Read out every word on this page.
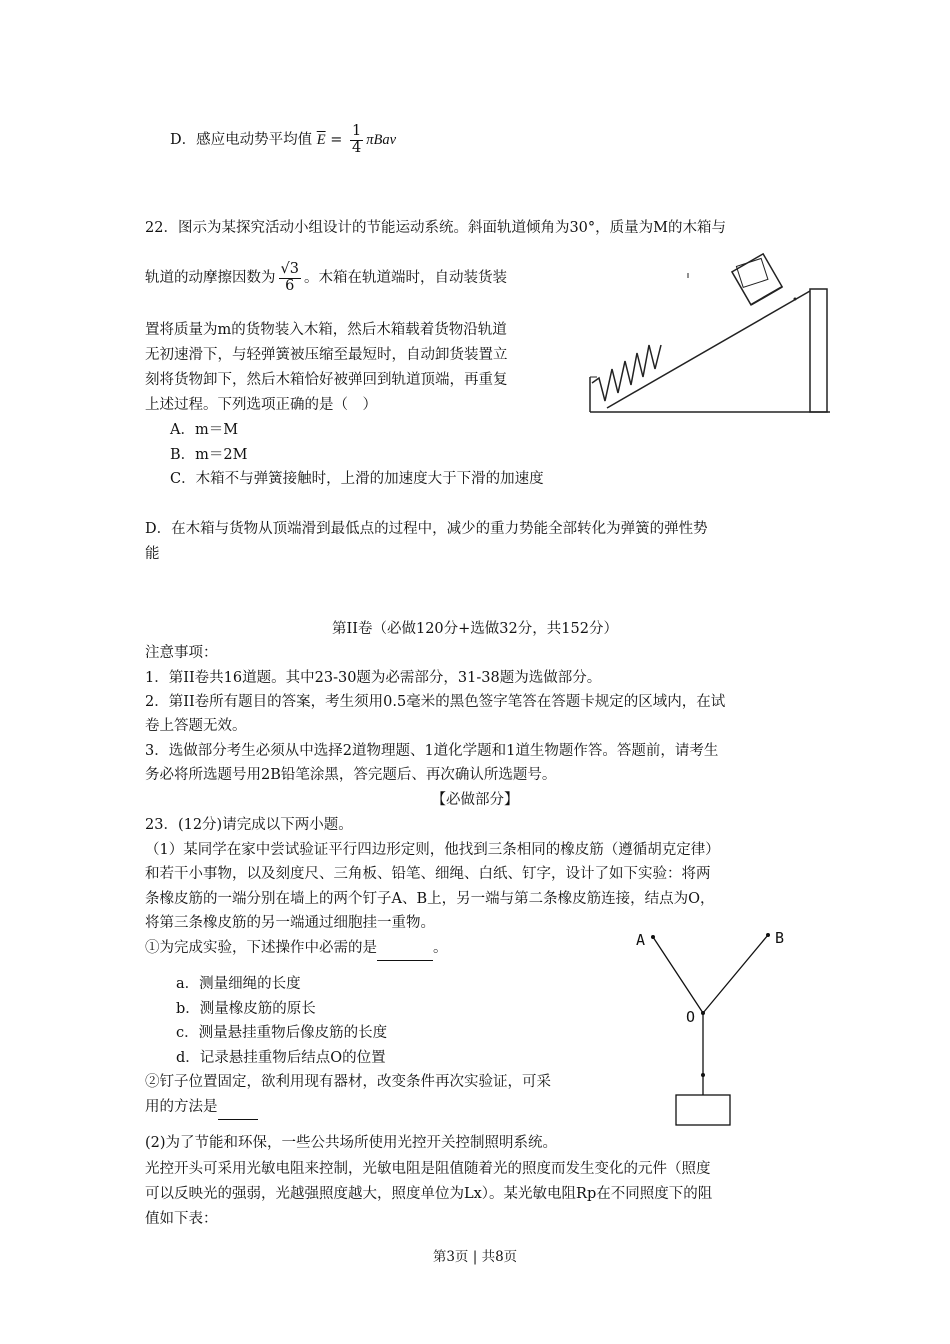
D．感应电动势平均值 $\overline{E} = \frac{1}{4}$ πBav
22．图示为某探究活动小组设计的节能运动系统。斜面轨道倾角为30°，质量为M的木箱与
轨道的动摩擦因数为 $\frac{√3}{6}$ 。木箱在轨道端时，自动装货装
置将质量为m的货物装入木箱，然后木箱载着货物沿轨道
无初速滑下，与轻弹簧被压缩至最短时，自动卸货装置立
刻将货物卸下，然后木箱恰好被弹回到轨道顶端，再重复
上述过程。下列选项正确的是（　）
A．m＝M
B．m＝2M
C．木箱不与弹簧接触时，上滑的加速度大于下滑的加速度
D．在木箱与货物从顶端滑到最低点的过程中，减少的重力势能全部转化为弹簧的弹性势
能
第II卷（必做120分+选做32分，共152分）
注意事项：
1．第II卷共16道题。其中23-30题为必需部分，31-38题为选做部分。
2．第II卷所有题目的答案，考生须用0.5毫米的黑色签字笔答在答题卡规定的区域内，在试
卷上答题无效。
3．选做部分考生必须从中选择2道物理题、1道化学题和1道生物题作答。答题前，请考生
务必将所选题号用2B铅笔涂黑，答完题后、再次确认所选题号。
【必做部分】
23．(12分)请完成以下两小题。
（1）某同学在家中尝试验证平行四边形定则，他找到三条相同的橡皮筋（遵循胡克定律）
和若干小事物，以及刻度尺、三角板、铅笔、细绳、白纸、钉字，设计了如下实验：将两
条橡皮筋的一端分别在墙上的两个钉子A、B上，另一端与第二条橡皮筋连接，结点为O，
将第三条橡皮筋的另一端通过细胞挂一重物。
①为完成实验，下述操作中必需的是	。
a．测量细绳的长度
b．测量橡皮筋的原长
c．测量悬挂重物后像皮筋的长度
d．记录悬挂重物后结点O的位置
②钉子位置固定，欲利用现有器材，改变条件再次实验证，可采
用的方法是
A	B
O
(2)为了节能和环保，一些公共场所使用光控开关控制照明系统。
光控开头可采用光敏电阻来控制，光敏电阻是阻值随着光的照度而发生变化的元件（照度
可以反映光的强弱，光越强照度越大，照度单位为Lx）。某光敏电阻Rp在不同照度下的阻
值如下表：
第3页 | 共8页
